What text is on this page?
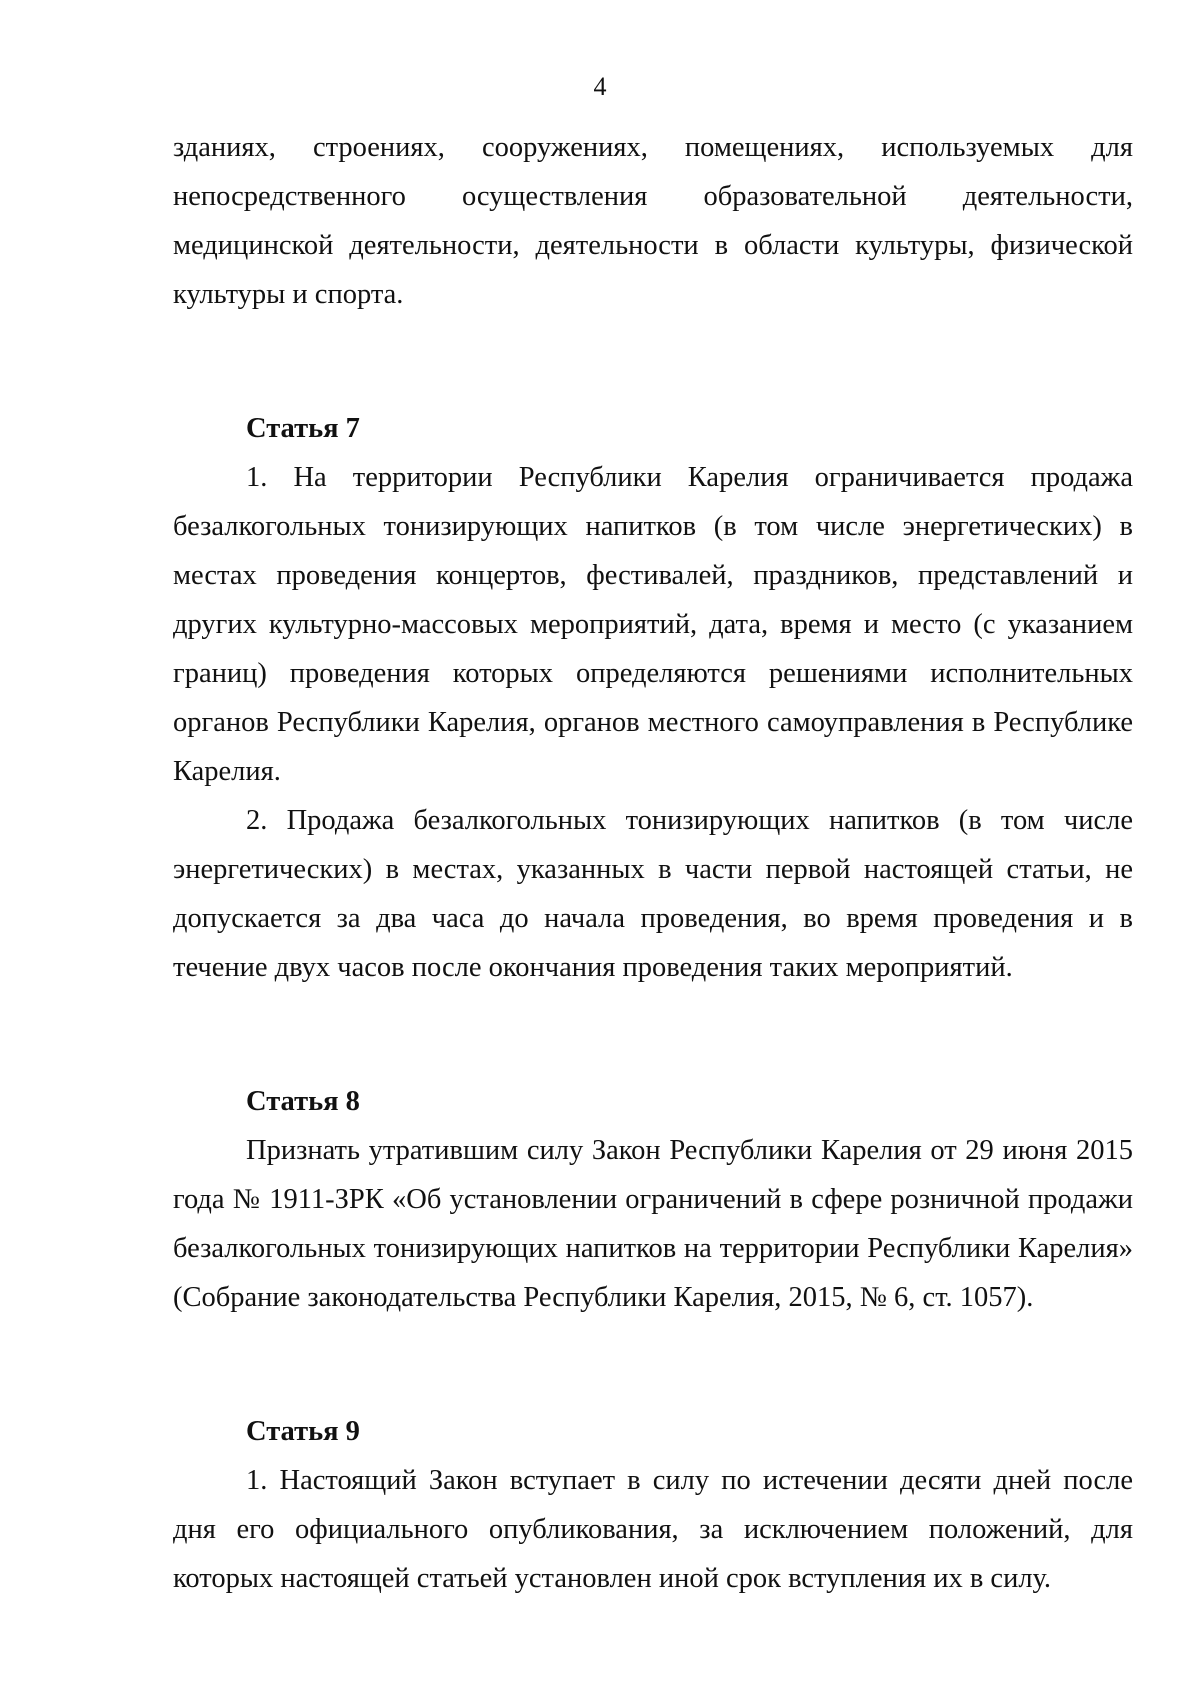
4

зданиях, строениях, сооружениях, помещениях, используемых для непосредственного осуществления образовательной деятельности, медицинской деятельности, деятельности в области культуры, физической культуры и спорта.

Статья 7

1. На территории Республики Карелия ограничивается продажа безалкогольных тонизирующих напитков (в том числе энергетических) в местах проведения концертов, фестивалей, праздников, представлений и других культурно-массовых мероприятий, дата, время и место (с указанием границ) проведения которых определяются решениями исполнительных органов Республики Карелия, органов местного самоуправления в Республике Карелия.

2. Продажа безалкогольных тонизирующих напитков (в том числе энергетических) в местах, указанных в части первой настоящей статьи, не допускается за два часа до начала проведения, во время проведения и в течение двух часов после окончания проведения таких мероприятий.

Статья 8

Признать утратившим силу Закон Республики Карелия от 29 июня 2015 года № 1911-ЗРК «Об установлении ограничений в сфере розничной продажи безалкогольных тонизирующих напитков на территории Республики Карелия» (Собрание законодательства Республики Карелия, 2015, № 6, ст. 1057).

Статья 9

1. Настоящий Закон вступает в силу по истечении десяти дней после дня его официального опубликования, за исключением положений, для которых настоящей статьей установлен иной срок вступления их в силу.
